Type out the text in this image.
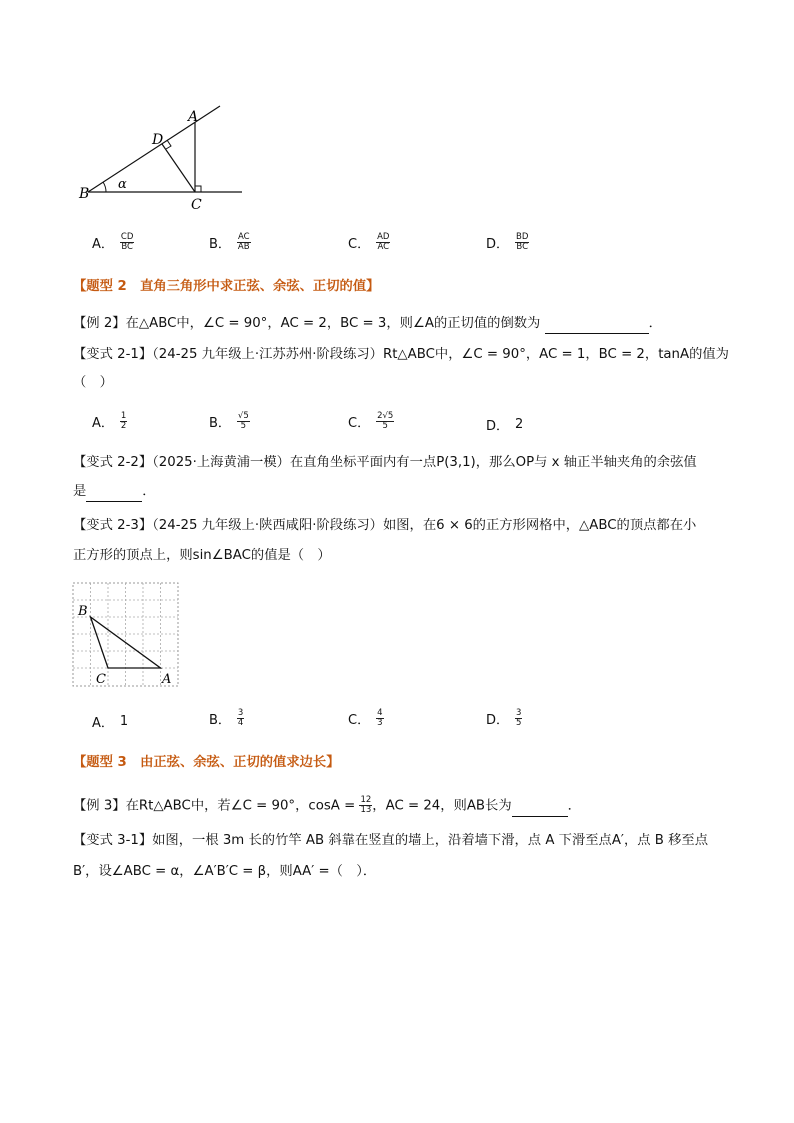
A
B
C
D
α
A． $\frac{CD}{BC}$	B． $\frac{AC}{AB}$	C． $\frac{AD}{AC}$	D． $\frac{BD}{BC}$
【题型 2　直角三角形中求正弦、余弦、正切的值】
【例 2】在△ABC中，∠C = 90°，AC = 2，BC = 3，则∠A的正切值的倒数为	．
【变式 2-1】（24-25 九年级上·江苏苏州·阶段练习）Rt△ABC中，∠C = 90°，AC = 1，BC = 2，tanA的值为
（　）
A． $\frac{1}{2}$	B． $\frac{√5}{5}$	C． $\frac{2√5}{5}$	D． 2
【变式 2-2】（2025·上海黄浦一模）在直角坐标平面内有一点P(3,1)，那么OP与 x 轴正半轴夹角的余弦值
是	．
【变式 2-3】（24-25 九年级上·陕西咸阳·阶段练习）如图，在6 × 6的正方形网格中，△ABC的顶点都在小
正方形的顶点上，则sin∠BAC的值是（　）
B
C	A
A． 1	B． $\frac{3}{4}$	C． $\frac{4}{3}$	D． $\frac{3}{5}$
【题型 3　由正弦、余弦、正切的值求边长】
【例 3】在Rt△ABC中，若∠C = 90°，$\cos A = \frac{12}{13}$ ，AC = 24，则AB长为	．
【变式 3-1】如图，一根 3m 长的竹竿 AB 斜靠在竖直的墙上，沿着墙下滑，点 A 下滑至点A′，点 B 移至点
B′，设∠ABC = α，∠A′B′C = β，则AA′ =（　）．
